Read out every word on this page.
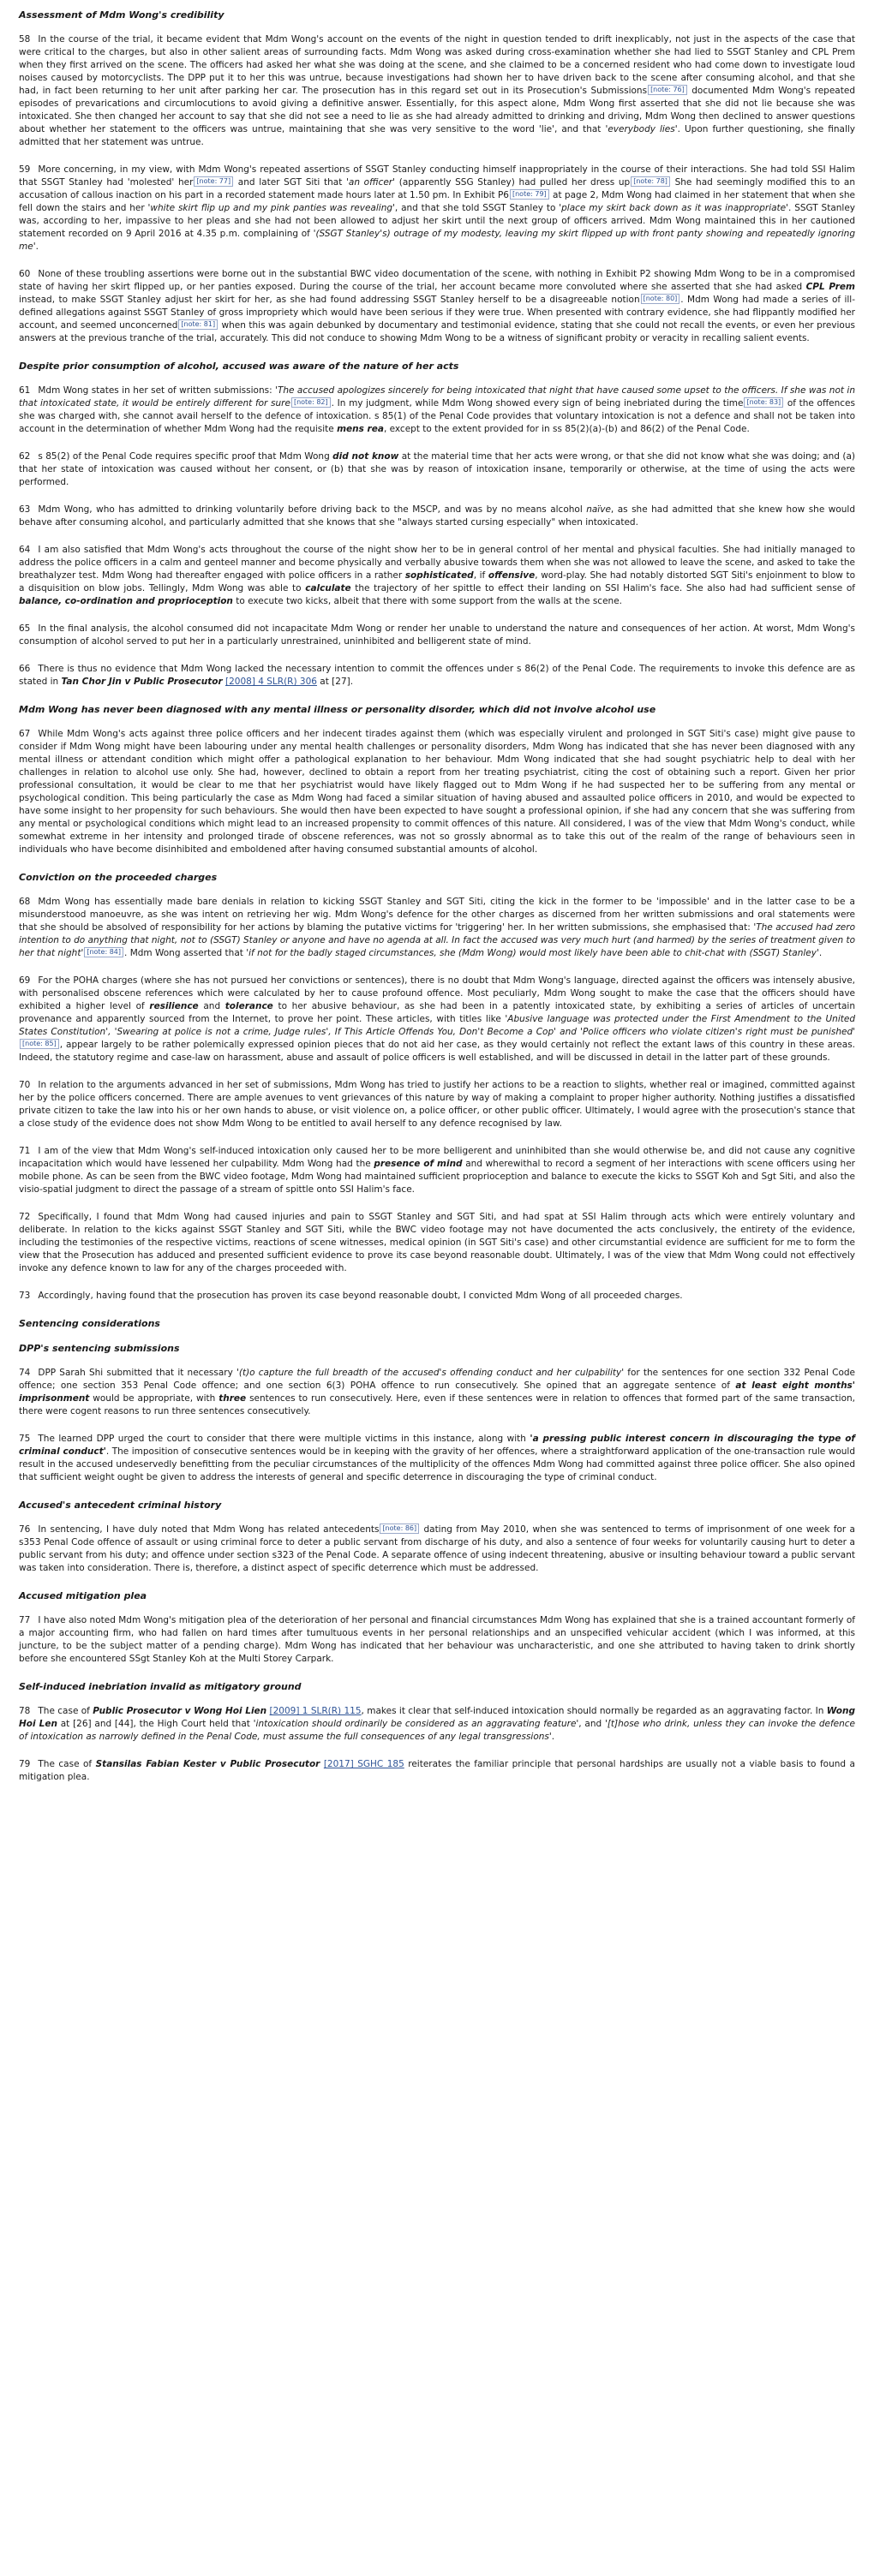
Assessment of Mdm Wong's credibility

58 In the course of the trial, it became evident that Mdm Wong's account on the events of the night in question tended to drift inexplicably, not just in the aspects of the case that were critical to the charges, but also in other salient areas of surrounding facts. Mdm Wong was asked during cross-examination whether she had lied to SSGT Stanley and CPL Prem when they first arrived on the scene. The officers had asked her what she was doing at the scene, and she claimed to be a concerned resident who had come down to investigate loud noises caused by motorcyclists. The DPP put it to her this was untrue, because investigations had shown her to have driven back to the scene after consuming alcohol, and that she had, in fact been returning to her unit after parking her car. The prosecution has in this regard set out in its Prosecution's Submissions [note: 76] documented Mdm Wong's repeated episodes of prevarications and circumlocutions to avoid giving a definitive answer. Essentially, for this aspect alone, Mdm Wong first asserted that she did not lie because she was intoxicated. She then changed her account to say that she did not see a need to lie as she had already admitted to drinking and driving, Mdm Wong then declined to answer questions about whether her statement to the officers was untrue, maintaining that she was very sensitive to the word 'lie', and that 'everybody lies'. Upon further questioning, she finally admitted that her statement was untrue.

59 More concerning, in my view, with Mdm Wong's repeated assertions of SSGT Stanley conducting himself inappropriately in the course of their interactions. She had told SSI Halim that SSGT Stanley had 'molested' her [note: 77] and later SGT Siti that 'an officer' (apparently SSG Stanley) had pulled her dress up [note: 78] She had seemingly modified this to an accusation of callous inaction on his part in a recorded statement made hours later at 1.50 pm. In Exhibit P6 [note: 79] at page 2, Mdm Wong had claimed in her statement that when she fell down the stairs and her 'white skirt flip up and my pink panties was revealing', and that she told SSGT Stanley to 'place my skirt back down as it was inappropriate'. SSGT Stanley was, according to her, impassive to her pleas and she had not been allowed to adjust her skirt until the next group of officers arrived. Mdm Wong maintained this in her cautioned statement recorded on 9 April 2016 at 4.35 p.m. complaining of '(SSGT Stanley's) outrage of my modesty, leaving my skirt flipped up with front panty showing and repeatedly ignoring me'.

60 None of these troubling assertions were borne out in the substantial BWC video documentation of the scene, with nothing in Exhibit P2 showing Mdm Wong to be in a compromised state of having her skirt flipped up, or her panties exposed. During the course of the trial, her account became more convoluted where she asserted that she had asked CPL Prem instead, to make SSGT Stanley adjust her skirt for her, as she had found addressing SSGT Stanley herself to be a disagreeable notion [note: 80] . Mdm Wong had made a series of ill-defined allegations against SSGT Stanley of gross impropriety which would have been serious if they were true. When presented with contrary evidence, she had flippantly modified her account, and seemed unconcerned [note: 81] when this was again debunked by documentary and testimonial evidence, stating that she could not recall the events, or even her previous answers at the previous tranche of the trial, accurately. This did not conduce to showing Mdm Wong to be a witness of significant probity or veracity in recalling salient events.

Despite prior consumption of alcohol, accused was aware of the nature of her acts

61 Mdm Wong states in her set of written submissions: 'The accused apologizes sincerely for being intoxicated that night that have caused some upset to the officers. If she was not in that intoxicated state, it would be entirely different for sure [note: 82] . In my judgment, while Mdm Wong showed every sign of being inebriated during the time [note: 83] of the offences she was charged with, she cannot avail herself to the defence of intoxication. s 85(1) of the Penal Code provides that voluntary intoxication is not a defence and shall not be taken into account in the determination of whether Mdm Wong had the requisite mens rea, except to the extent provided for in ss 85(2)(a)-(b) and 86(2) of the Penal Code.

62 s 85(2) of the Penal Code requires specific proof that Mdm Wong did not know at the material time that her acts were wrong, or that she did not know what she was doing; and (a) that her state of intoxication was caused without her consent, or (b) that she was by reason of intoxication insane, temporarily or otherwise, at the time of using the acts were performed.

63 Mdm Wong, who has admitted to drinking voluntarily before driving back to the MSCP, and was by no means alcohol naïve, as she had admitted that she knew how she would behave after consuming alcohol, and particularly admitted that she knows that she "always started cursing especially" when intoxicated.

64 I am also satisfied that Mdm Wong's acts throughout the course of the night show her to be in general control of her mental and physical faculties. She had initially managed to address the police officers in a calm and genteel manner and become physically and verbally abusive towards them when she was not allowed to leave the scene, and asked to take the breathalyzer test. Mdm Wong had thereafter engaged with police officers in a rather sophisticated, if offensive, word-play. She had notably distorted SGT Siti's enjoinment to blow to a disquisition on blow jobs. Tellingly, Mdm Wong was able to calculate the trajectory of her spittle to effect their landing on SSI Halim's face. She also had had sufficient sense of balance, co-ordination and proprioception to execute two kicks, albeit that there with some support from the walls at the scene.

65 In the final analysis, the alcohol consumed did not incapacitate Mdm Wong or render her unable to understand the nature and consequences of her action. At worst, Mdm Wong's consumption of alcohol served to put her in a particularly unrestrained, uninhibited and belligerent state of mind.

66 There is thus no evidence that Mdm Wong lacked the necessary intention to commit the offences under s 86(2) of the Penal Code. The requirements to invoke this defence are as stated in Tan Chor Jin v Public Prosecutor [2008] 4 SLR(R) 306 at [27].

Mdm Wong has never been diagnosed with any mental illness or personality disorder, which did not involve alcohol use

67 While Mdm Wong's acts against three police officers and her indecent tirades against them (which was especially virulent and prolonged in SGT Siti's case) might give pause to consider if Mdm Wong might have been labouring under any mental health challenges or personality disorders, Mdm Wong has indicated that she has never been diagnosed with any mental illness or attendant condition which might offer a pathological explanation to her behaviour. Mdm Wong indicated that she had sought psychiatric help to deal with her challenges in relation to alcohol use only. She had, however, declined to obtain a report from her treating psychiatrist, citing the cost of obtaining such a report. Given her prior professional consultation, it would be clear to me that her psychiatrist would have likely flagged out to Mdm Wong if he had suspected her to be suffering from any mental or psychological condition. This being particularly the case as Mdm Wong had faced a similar situation of having abused and assaulted police officers in 2010, and would be expected to have some insight to her propensity for such behaviours. She would then have been expected to have sought a professional opinion, if she had any concern that she was suffering from any mental or psychological conditions which might lead to an increased propensity to commit offences of this nature. All considered, I was of the view that Mdm Wong's conduct, while somewhat extreme in her intensity and prolonged tirade of obscene references, was not so grossly abnormal as to take this out of the realm of the range of behaviours seen in individuals who have become disinhibited and emboldened after having consumed substantial amounts of alcohol.

Conviction on the proceeded charges

68 Mdm Wong has essentially made bare denials in relation to kicking SSGT Stanley and SGT Siti, citing the kick in the former to be 'impossible' and in the latter case to be a misunderstood manoeuvre, as she was intent on retrieving her wig. Mdm Wong's defence for the other charges as discerned from her written submissions and oral statements were that she should be absolved of responsibility for her actions by blaming the putative victims for 'triggering' her. In her written submissions, she emphasised that: 'The accused had zero intention to do anything that night, not to (SSGT) Stanley or anyone and have no agenda at all. In fact the accused was very much hurt (and harmed) by the series of treatment given to her that night' [note: 84] . Mdm Wong asserted that 'if not for the badly staged circumstances, she (Mdm Wong) would most likely have been able to chit-chat with (SSGT) Stanley'.

69 For the POHA charges (where she has not pursued her convictions or sentences), there is no doubt that Mdm Wong's language, directed against the officers was intensely abusive, with personalised obscene references which were calculated by her to cause profound offence. Most peculiarly, Mdm Wong sought to make the case that the officers should have exhibited a higher level of resilience and tolerance to her abusive behaviour, as she had been in a patently intoxicated state, by exhibiting a series of articles of uncertain provenance and apparently sourced from the Internet, to prove her point. These articles, with titles like 'Abusive language was protected under the First Amendment to the United States Constitution', 'Swearing at police is not a crime, Judge rules', If This Article Offends You, Don't Become a Cop' and 'Police officers who violate citizen's right must be punished'[note: 85] , appear largely to be rather polemically expressed opinion pieces that do not aid her case, as they would certainly not reflect the extant laws of this country in these areas. Indeed, the statutory regime and case-law on harassment, abuse and assault of police officers is well established, and will be discussed in detail in the latter part of these grounds.

70 In relation to the arguments advanced in her set of submissions, Mdm Wong has tried to justify her actions to be a reaction to slights, whether real or imagined, committed against her by the police officers concerned. There are ample avenues to vent grievances of this nature by way of making a complaint to proper higher authority. Nothing justifies a dissatisfied private citizen to take the law into his or her own hands to abuse, or visit violence on, a police officer, or other public officer. Ultimately, I would agree with the prosecution's stance that a close study of the evidence does not show Mdm Wong to be entitled to avail herself to any defence recognised by law.

71 I am of the view that Mdm Wong's self-induced intoxication only caused her to be more belligerent and uninhibited than she would otherwise be, and did not cause any cognitive incapacitation which would have lessened her culpability. Mdm Wong had the presence of mind and wherewithal to record a segment of her interactions with scene officers using her mobile phone. As can be seen from the BWC video footage, Mdm Wong had maintained sufficient proprioception and balance to execute the kicks to SSGT Koh and Sgt Siti, and also the visio-spatial judgment to direct the passage of a stream of spittle onto SSI Halim's face.

72 Specifically, I found that Mdm Wong had caused injuries and pain to SSGT Stanley and SGT Siti, and had spat at SSI Halim through acts which were entirely voluntary and deliberate. In relation to the kicks against SSGT Stanley and SGT Siti, while the BWC video footage may not have documented the acts conclusively, the entirety of the evidence, including the testimonies of the respective victims, reactions of scene witnesses, medical opinion (in SGT Siti's case) and other circumstantial evidence are sufficient for me to form the view that the Prosecution has adduced and presented sufficient evidence to prove its case beyond reasonable doubt. Ultimately, I was of the view that Mdm Wong could not effectively invoke any defence known to law for any of the charges proceeded with.

73 Accordingly, having found that the prosecution has proven its case beyond reasonable doubt, I convicted Mdm Wong of all proceeded charges.

Sentencing considerations
DPP's sentencing submissions

74 DPP Sarah Shi submitted that it necessary '(t)o capture the full breadth of the accused's offending conduct and her culpability' for the sentences for one section 332 Penal Code offence; one section 353 Penal Code offence; and one section 6(3) POHA offence to run consecutively. She opined that an aggregate sentence of at least eight months' imprisonment would be appropriate, with three sentences to run consecutively. Here, even if these sentences were in relation to offences that formed part of the same transaction, there were cogent reasons to run three sentences consecutively.

75 The learned DPP urged the court to consider that there were multiple victims in this instance, along with 'a pressing public interest concern in discouraging the type of criminal conduct'. The imposition of consecutive sentences would be in keeping with the gravity of her offences, where a straightforward application of the one-transaction rule would result in the accused undeservedly benefitting from the peculiar circumstances of the multiplicity of the offences Mdm Wong had committed against three police officer. She also opined that sufficient weight ought be given to address the interests of general and specific deterrence in discouraging the type of criminal conduct.

Accused's antecedent criminal history

76 In sentencing, I have duly noted that Mdm Wong has related antecedents [note: 86] dating from May 2010, when she was sentenced to terms of imprisonment of one week for a s353 Penal Code offence of assault or using criminal force to deter a public servant from discharge of his duty, and also a sentence of four weeks for voluntarily causing hurt to deter a public servant from his duty; and offence under section s323 of the Penal Code. A separate offence of using indecent threatening, abusive or insulting behaviour toward a public servant was taken into consideration. There is, therefore, a distinct aspect of specific deterrence which must be addressed.

Accused mitigation plea

77 I have also noted Mdm Wong's mitigation plea of the deterioration of her personal and financial circumstances Mdm Wong has explained that she is a trained accountant formerly of a major accounting firm, who had fallen on hard times after tumultuous events in her personal relationships and an unspecified vehicular accident (which I was informed, at this juncture, to be the subject matter of a pending charge). Mdm Wong has indicated that her behaviour was uncharacteristic, and one she attributed to having taken to drink shortly before she encountered SSgt Stanley Koh at the Multi Storey Carpark.

Self-induced inebriation invalid as mitigatory ground

78 The case of Public Prosecutor v Wong Hoi Lien [2009] 1 SLR(R) 115, makes it clear that self-induced intoxication should normally be regarded as an aggravating factor. In Wong Hoi Len at [26] and [44], the High Court held that 'intoxication should ordinarily be considered as an aggravating feature', and '[t]hose who drink, unless they can invoke the defence of intoxication as narrowly defined in the Penal Code, must assume the full consequences of any legal transgressions'.

79 The case of Stansilas Fabian Kester v Public Prosecutor [2017] SGHC 185 reiterates the familiar principle that personal hardships are usually not a viable basis to found a mitigation plea.
